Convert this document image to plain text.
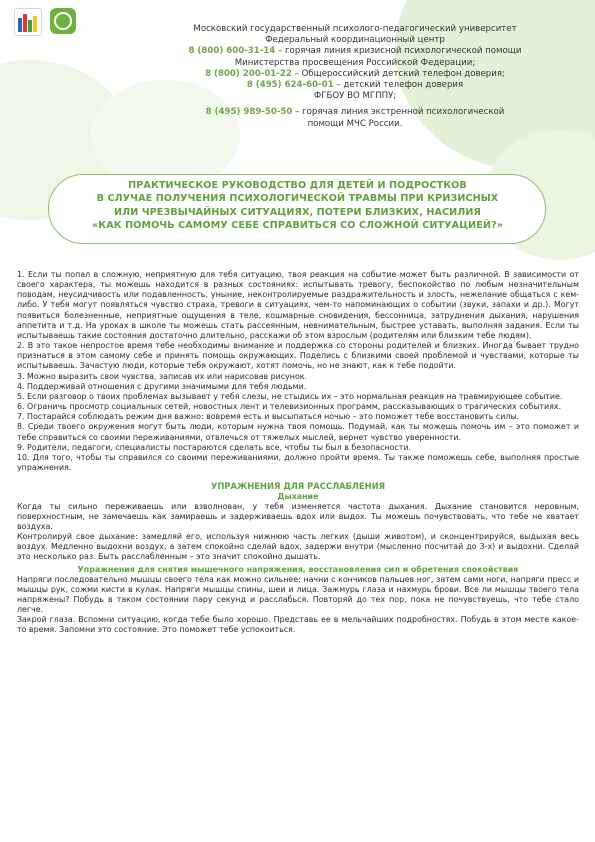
Московский государственный психолого-педагогический университет
Федеральный координационный центр
8 (800) 600-31-14 – горячая линия кризисной психологической помощи
Министерства просвещения Российской Федерации;
8 (800) 200-01-22 – Общероссийский детский телефон доверия;
8 (495) 624-60-01 – детский телефон доверия
ФГБОУ ВО МГППУ;
8 (495) 989-50-50 – горячая линия экстренной психологической
помощи МЧС России.
ПРАКТИЧЕСКОЕ РУКОВОДСТВО ДЛЯ ДЕТЕЙ И ПОДРОСТКОВ
В СЛУЧАЕ ПОЛУЧЕНИЯ ПСИХОЛОГИЧЕСКОЙ ТРАВМЫ ПРИ КРИЗИСНЫХ
ИЛИ ЧРЕЗВЫЧАЙНЫХ СИТУАЦИЯХ, ПОТЕРИ БЛИЗКИХ, НАСИЛИЯ
«КАК ПОМОЧЬ САМОМУ СЕБЕ СПРАВИТЬСЯ СО СЛОЖНОЙ СИТУАЦИЕЙ?»

1. Если ты попал в сложную, неприятную для тебя ситуацию, твоя реакция на событие может быть различной. В зависимости от своего характера, ты можешь находится в разных состояниях: испытывать тревогу, беспокойство по любым незначительным поводам, неусидчивость или подавленность, уныние, неконтролируемые раздражительность и злость, нежелание общаться с кем-либо. У тебя могут появляться чувство страха, тревоги в ситуациях, чем-то напоминающих о событии (звуки, запахи и др.). Могут появиться болезненные, неприятные ощущения в теле, кошмарные сновидения, бессонница, затруднения дыхания, нарушения аппетита и т.д. На уроках в школе ты можешь стать рассеянным, невнимательным, быстрее уставать, выполняя задания. Если ты испытываешь такие состояния достаточно длительно, расскажи об этом взрослым (родителям или близким тебе людям).

2. В это такое непростое время тебе необходимы внимание и поддержка со стороны родителей и близких. Иногда бывает трудно признаться в этом самому себе и принять помощь окружающих. Поделись с близкими своей проблемой и чувствами, которые ты испытываешь. Зачастую люди, которые тебя окружают, хотят помочь, но не знают, как к тебе подойти.

3. Можно выразить свои чувства, записав их или нарисовав рисунок.

4. Поддерживай отношения с другими значимыми для тебя людьми.

5. Если разговор о твоих проблемах вызывает у тебя слезы, не стыдись их – это нормальная реакция на травмирующее событие.

6. Ограничь просмотр социальных сетей, новостных лент и телевизионных программ, рассказывающих о трагических событиях.

7. Постарайся соблюдать режим дня важно: вовремя есть и высыпаться ночью – это поможет тебе восстановить силы.

8. Среди твоего окружения могут быть люди, которым нужна твоя помощь. Подумай, как ты можешь помочь им – это поможет и тебе справиться со своими переживаниями, отвлечься от тяжелых мыслей, вернет чувство уверенности.

9. Родители, педагоги, специалисты постараются сделать все, чтобы ты был в безопасности.

10. Для того, чтобы ты справился со своими переживаниями, должно пройти время. Ты также поможешь себе, выполняя простые упражнения.

УПРАЖНЕНИЯ ДЛЯ РАССЛАБЛЕНИЯ

Дыхание

Когда ты сильно переживаешь или взволнован, у тебя изменяется частота дыхания. Дыхание становится неровным, поверхностным, не замечаешь как замираешь и задерживаешь вдох или выдох. Ты можешь почувствовать, что тебе не хватает воздуха.

Контролируй свое дыхание: замедляй его, используя нижнюю часть легких (дыши животом), и сконцентрируйся, выдыхая весь воздух. Медленно выдохни воздух, а затем спокойно сделай вдох, задержи внутри (мысленно посчитай до 3-х) и выдохни. Сделай это несколько раз. Быть расслабленным – это значит спокойно дышать.

Упражнения для снятия мышечного напряжения, восстановления сил и обретения спокойствия

Напряги последовательно мышцы своего тела как можно сильнее: начни с кончиков пальцев ног, затем сами ноги, напряги пресс и мышцы рук, сожми кисти в кулак. Напряги мышцы спины, шеи и лица. Зажмурь глаза и нахмурь брови. Все ли мышцы твоего тела напряжены? Побудь в таком состоянии пару секунд и расслабься. Повторяй до тех пор, пока не почувствуешь, что тебе стало легче.

Закрой глаза. Вспомни ситуацию, когда тебе было хорошо. Представь ее в мельчайших подробностях. Побудь в этом месте какое-то время. Запомни это состояние. Это поможет тебе успокоиться.
